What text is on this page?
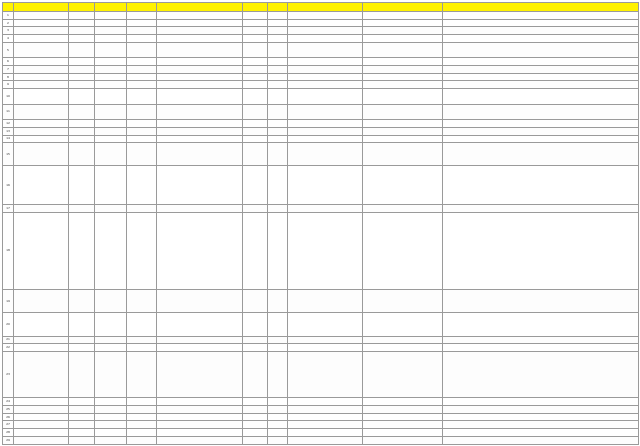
1											
2											
3											
4											
5											
6											
7											
8											
9											
10											
11											
12											
13											
14											
15											
16											
17											
18											
19											
20											
21											
22											
23											
24											
25											
26											
27											
28											
29											
